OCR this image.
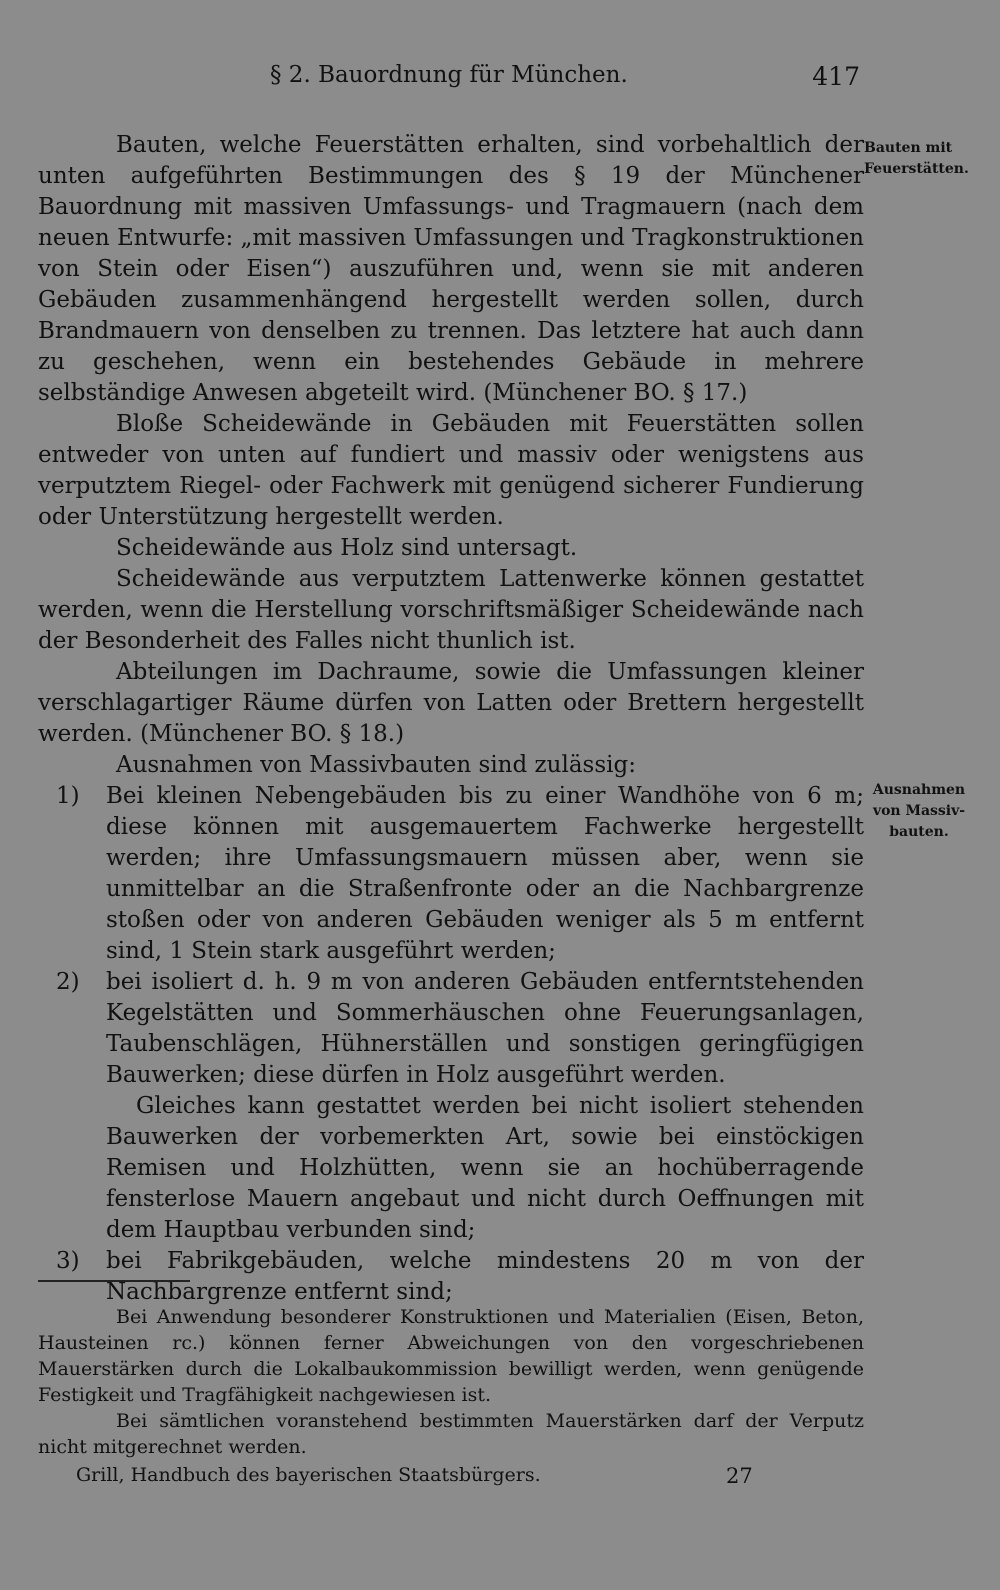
§ 2. Bauordnung für München.	417
Bauten mit Feuerstätten.
Ausnahmen von Massivbauten.

Bauten, welche Feuerstätten erhalten, sind vorbehaltlich der unten aufgeführten Bestimmungen des § 19 der Münchener Bauordnung mit massiven Umfassungs- und Tragmauern (nach dem neuen Entwurfe: „mit massiven Umfassungen und Tragkonstruktionen von Stein oder Eisen“) auszuführen und, wenn sie mit anderen Gebäuden zusammenhängend hergestellt werden sollen, durch Brandmauern von denselben zu trennen. Das letztere hat auch dann zu geschehen, wenn ein bestehendes Gebäude in mehrere selbständige Anwesen abgeteilt wird. (Münchener BO. § 17.)

Bloße Scheidewände in Gebäuden mit Feuerstätten sollen entweder von unten auf fundiert und massiv oder wenigstens aus verputztem Riegel- oder Fachwerk mit genügend sicherer Fundierung oder Unterstützung hergestellt werden.

Scheidewände aus Holz sind untersagt.

Scheidewände aus verputztem Lattenwerke können gestattet werden, wenn die Herstellung vorschriftsmäßiger Scheidewände nach der Besonderheit des Falles nicht thunlich ist.

Abteilungen im Dachraume, sowie die Umfassungen kleiner verschlagartiger Räume dürfen von Latten oder Brettern hergestellt werden. (Münchener BO. § 18.)

Ausnahmen von Massivbauten sind zulässig:

1) Bei kleinen Nebengebäuden bis zu einer Wandhöhe von 6 m; diese können mit ausgemauertem Fachwerke hergestellt werden; ihre Umfassungsmauern müssen aber, wenn sie unmittelbar an die Straßenfronte oder an die Nachbargrenze stoßen oder von anderen Gebäuden weniger als 5 m entfernt sind, 1 Stein stark ausgeführt werden;
2) bei isoliert d. h. 9 m von anderen Gebäuden entferntstehenden Kegelstätten und Sommerhäuschen ohne Feuerungsanlagen, Taubenschlägen, Hühnerställen und sonstigen geringfügigen Bauwerken; diese dürfen in Holz ausgeführt werden.

Gleiches kann gestattet werden bei nicht isoliert stehenden Bauwerken der vorbemerkten Art, sowie bei einstöckigen Remisen und Holzhütten, wenn sie an hochüberragende fensterlose Mauern angebaut und nicht durch Oeffnungen mit dem Hauptbau verbunden sind;

3) bei Fabrikgebäuden, welche mindestens 20 m von der Nachbargrenze entfernt sind;

Bei Anwendung besonderer Konstruktionen und Materialien (Eisen, Beton, Hausteinen rc.) können ferner Abweichungen von den vorgeschriebenen Mauerstärken durch die Lokalbaukommission bewilligt werden, wenn genügende Festigkeit und Tragfähigkeit nachgewiesen ist.

Bei sämtlichen voranstehend bestimmten Mauerstärken darf der Verputz nicht mitgerechnet werden.

Grill, Handbuch des bayerischen Staatsbürgers.	27
